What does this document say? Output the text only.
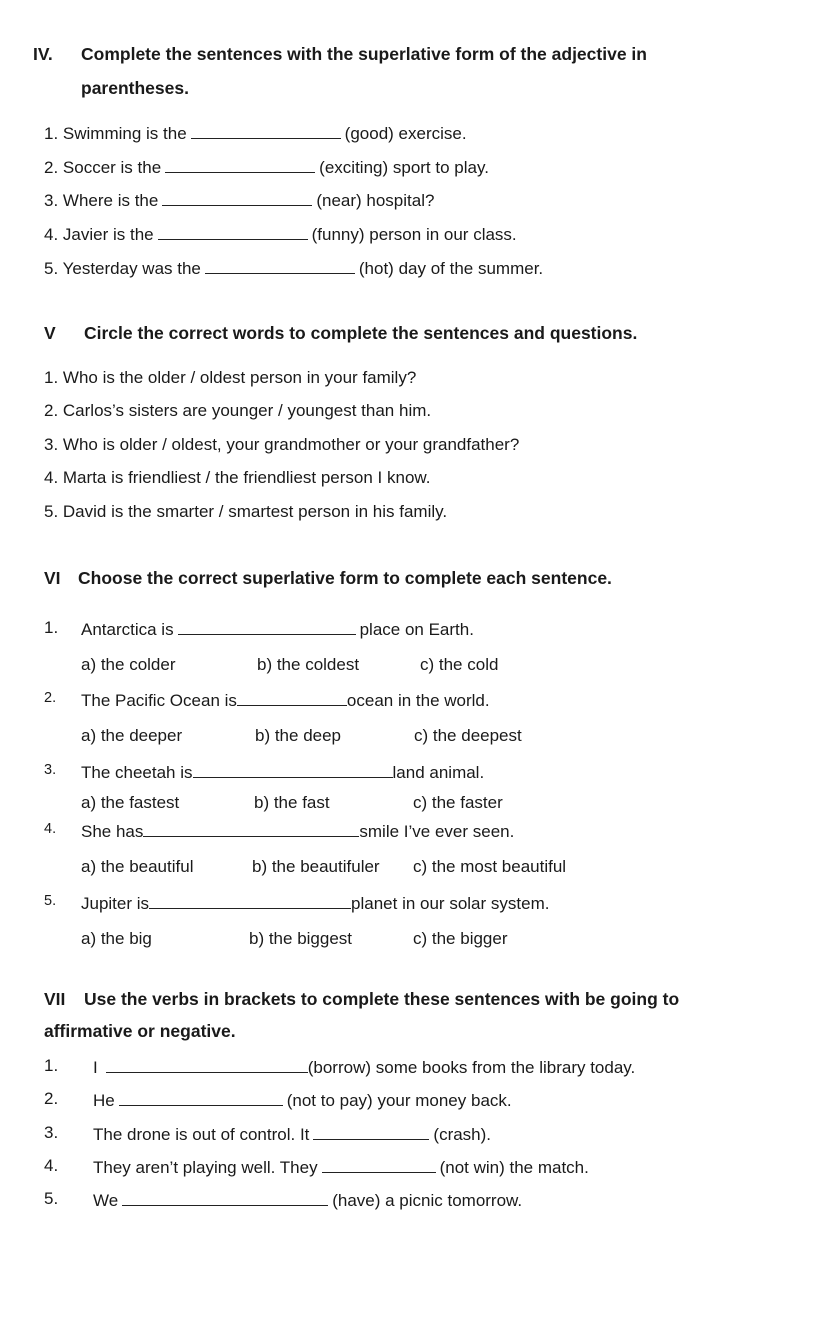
IV. Complete the sentences with the superlative form of the adjective in
parentheses.
1. Swimming is the	(good) exercise.
2. Soccer is the	(exciting) sport to play.
3. Where is the	(near) hospital?
4. Javier is the	(funny) person in our class.
5. Yesterday was the	(hot) day of the summer.
V Circle the correct words to complete the sentences and questions.
1. Who is the older / oldest person in your family?
2. Carlos’s sisters are younger / youngest than him.
3. Who is older / oldest, your grandmother or your grandfather?
4. Marta is friendliest / the friendliest person I know.
5. David is the smarter / smartest person in his family.
VI Choose the correct superlative form to complete each sentence.
1. Antarctica is	place on Earth.
a) the colder	b) the coldest	c) the cold
2. The Pacific Ocean is	ocean in the world.
a) the deeper	b) the deep	c) the deepest
3. The cheetah is	land animal.
a) the fastest	b) the fast	c) the faster
4. She has	smile I’ve ever seen.
a) the beautiful	b) the beautifuler c) the most beautiful
5. Jupiter is	planet in our solar system.
a) the big	b) the biggest	c) the bigger
VII Use the verbs in brackets to complete these sentences with be going to
affirmative or negative.
1. I	(borrow) some books from the library today.
2. He	(not to pay) your money back.
3. The drone is out of control. It	(crash).
4. They aren’t playing well. They	(not win) the match.
5. We	(have) a picnic tomorrow.
